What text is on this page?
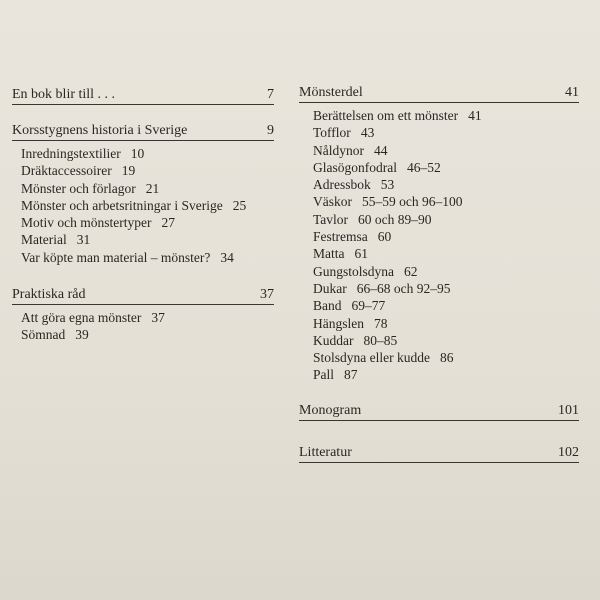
En bok blir till . . .	7
Korsstygnens historia i Sverige	9
Inredningstextilier 10
Dräktaccessoirer 19
Mönster och förlagor 21
Mönster och arbetsritningar i Sverige 25
Motiv och mönstertyper 27
Material 31
Var köpte man material – mönster? 34
Praktiska råd	37
Att göra egna mönster 37
Sömnad 39
Mönsterdel	41
Berättelsen om ett mönster 41
Tofflor 43
Nåldynor 44
Glasögonfodral 46–52
Adressbok 53
Väskor 55–59 och 96–100
Tavlor 60 och 89–90
Festremsa 60
Matta 61
Gungstolsdyna 62
Dukar 66–68 och 92–95
Band 69–77
Hängslen 78
Kuddar 80–85
Stolsdyna eller kudde 86
Pall 87
Monogram	101
Litteratur	102
